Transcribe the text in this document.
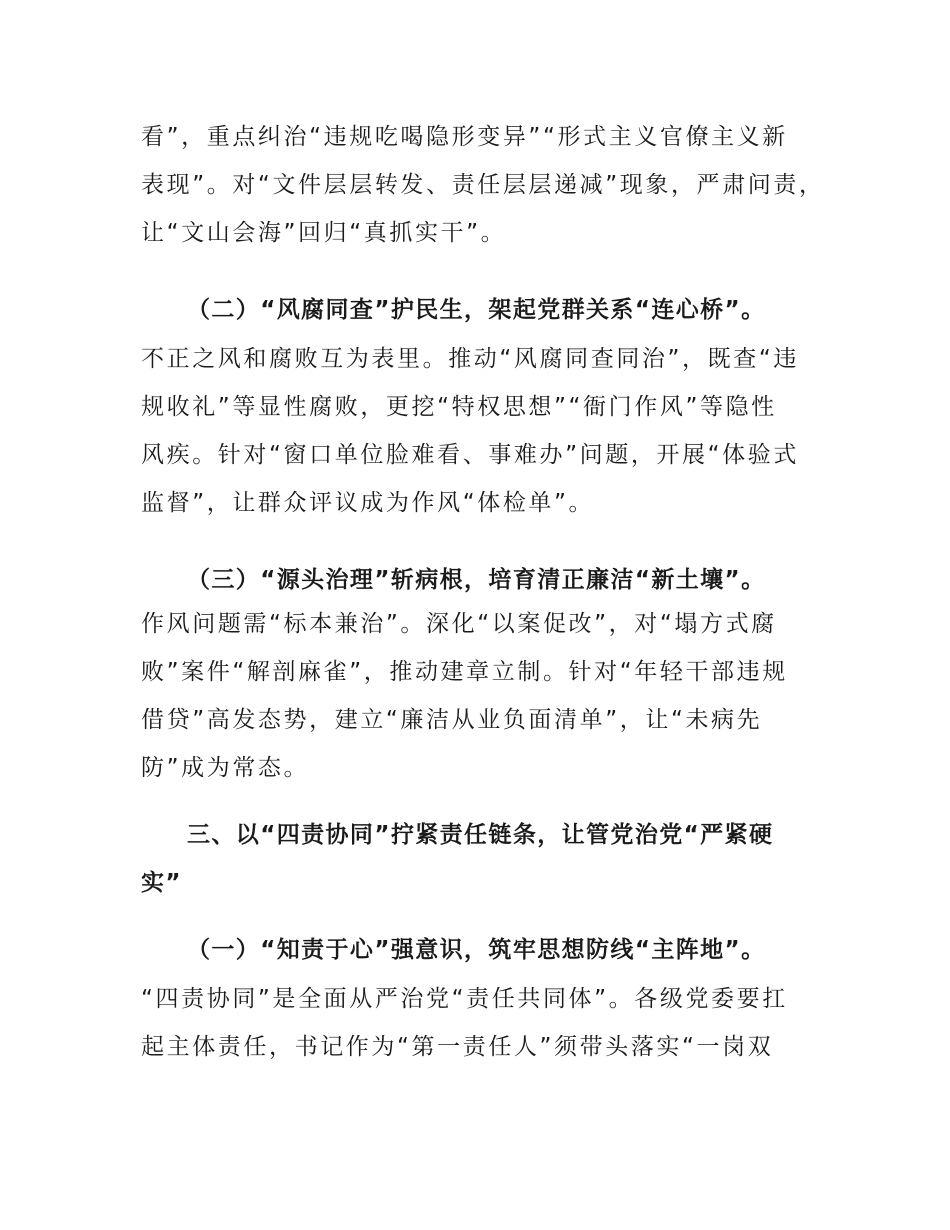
看”，重点纠治“违规吃喝隐形变异”“形式主义官僚主义新
表现”。对“文件层层转发、责任层层递减”现象，严肃问责，
让“文山会海”回归“真抓实干”。
（二）“风腐同查”护民生，架起党群关系“连心桥”。
不正之风和腐败互为表里。推动“风腐同查同治”，既查“违
规收礼”等显性腐败，更挖“特权思想”“衙门作风”等隐性
风疾。针对“窗口单位脸难看、事难办”问题，开展“体验式
监督”，让群众评议成为作风“体检单”。
（三）“源头治理”斩病根，培育清正廉洁“新土壤”。
作风问题需“标本兼治”。深化“以案促改”，对“塌方式腐
败”案件“解剖麻雀”，推动建章立制。针对“年轻干部违规
借贷”高发态势，建立“廉洁从业负面清单”，让“未病先
防”成为常态。
三、以“四责协同”拧紧责任链条，让管党治党“严紧硬
实”
（一）“知责于心”强意识，筑牢思想防线“主阵地”。
“四责协同”是全面从严治党“责任共同体”。各级党委要扛
起主体责任，书记作为“第一责任人”须带头落实“一岗双
